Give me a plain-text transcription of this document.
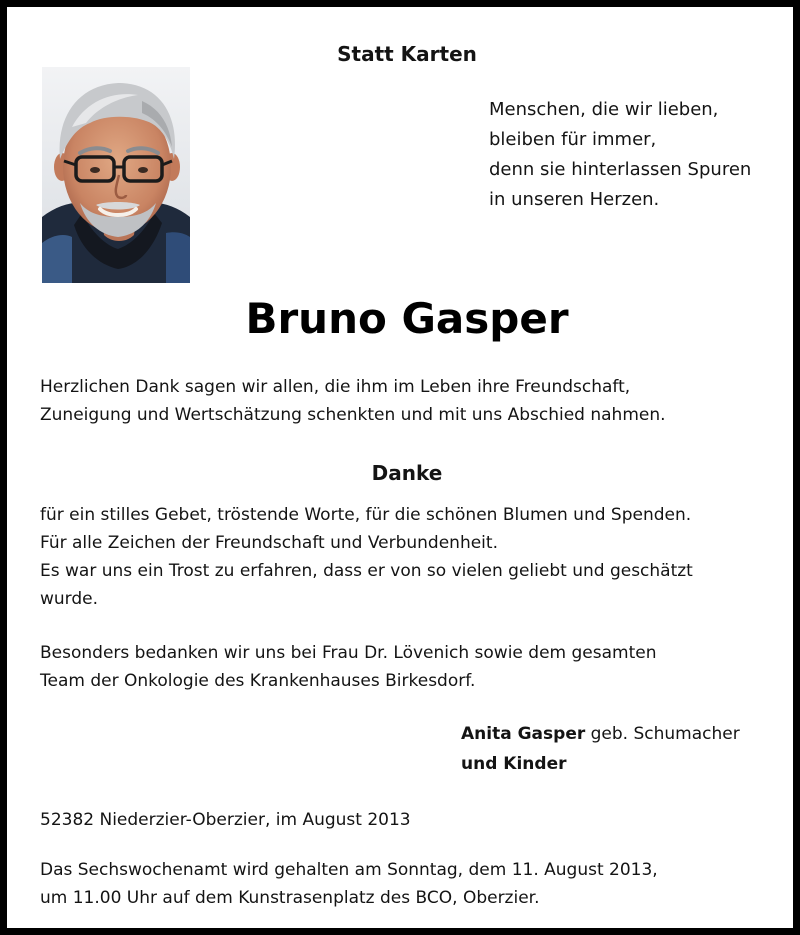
Statt Karten
Menschen, die wir lieben,
bleiben für immer,
denn sie hinterlassen Spuren
in unseren Herzen.
Bruno Gasper
Herzlichen Dank sagen wir allen, die ihm im Leben ihre Freundschaft,
Zuneigung und Wertschätzung schenkten und mit uns Abschied nahmen.
Danke
für ein stilles Gebet, tröstende Worte, für die schönen Blumen und Spenden.
Für alle Zeichen der Freundschaft und Verbundenheit.
Es war uns ein Trost zu erfahren, dass er von so vielen geliebt und geschätzt
wurde.
Besonders bedanken wir uns bei Frau Dr. Lövenich sowie dem gesamten
Team der Onkologie des Krankenhauses Birkesdorf.
Anita Gasper geb. Schumacher
und Kinder
52382 Niederzier-Oberzier, im August 2013
Das Sechswochenamt wird gehalten am Sonntag, dem 11. August 2013,
um 11.00 Uhr auf dem Kunstrasenplatz des BCO, Oberzier.
